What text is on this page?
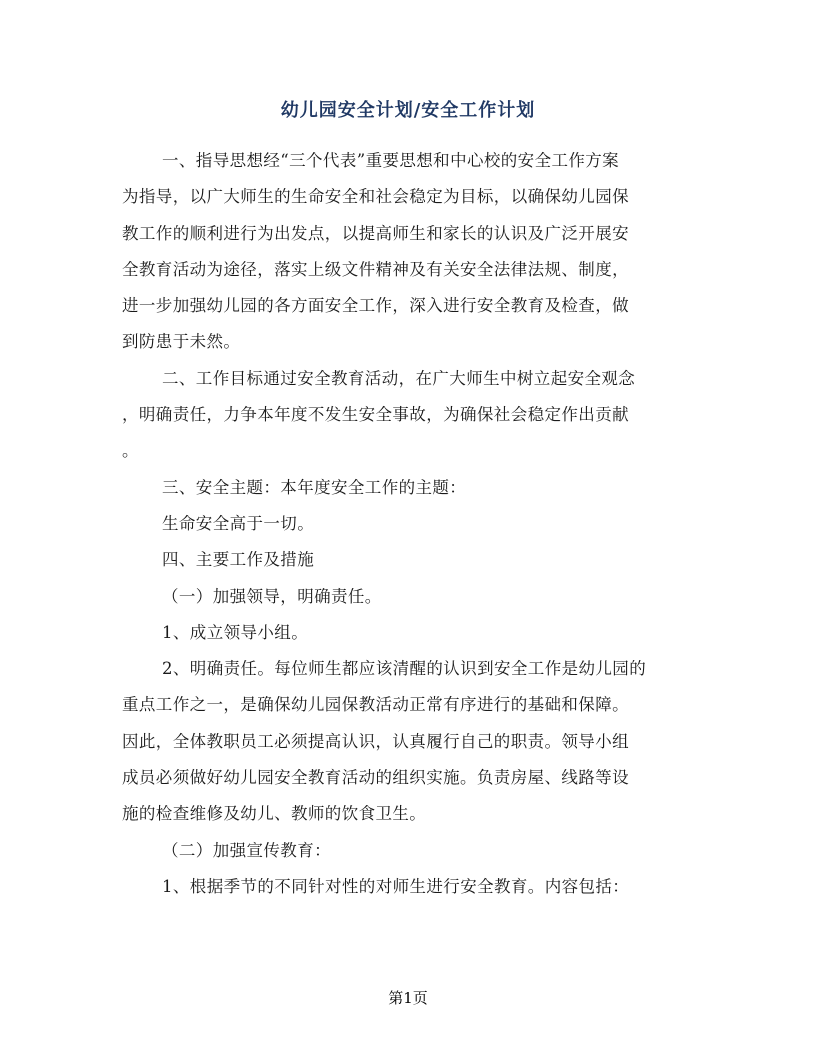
幼儿园安全计划/安全工作计划
一、指导思想经“三个代表”重要思想和中心校的安全工作方案
为指导，以广大师生的生命安全和社会稳定为目标，以确保幼儿园保
教工作的顺利进行为出发点，以提高师生和家长的认识及广泛开展安
全教育活动为途径，落实上级文件精神及有关安全法律法规、制度，
进一步加强幼儿园的各方面安全工作，深入进行安全教育及检查，做
到防患于未然。
二、工作目标通过安全教育活动，在广大师生中树立起安全观念
，明确责任，力争本年度不发生安全事故，为确保社会稳定作出贡献
。
三、安全主题：本年度安全工作的主题：
生命安全高于一切。
四、主要工作及措施
（一）加强领导，明确责任。
1、成立领导小组。
2、明确责任。每位师生都应该清醒的认识到安全工作是幼儿园的
重点工作之一，是确保幼儿园保教活动正常有序进行的基础和保障。
因此，全体教职员工必须提高认识，认真履行自己的职责。领导小组
成员必须做好幼儿园安全教育活动的组织实施。负责房屋、线路等设
施的检查维修及幼儿、教师的饮食卫生。
（二）加强宣传教育：
1、根据季节的不同针对性的对师生进行安全教育。内容包括：
第1页
